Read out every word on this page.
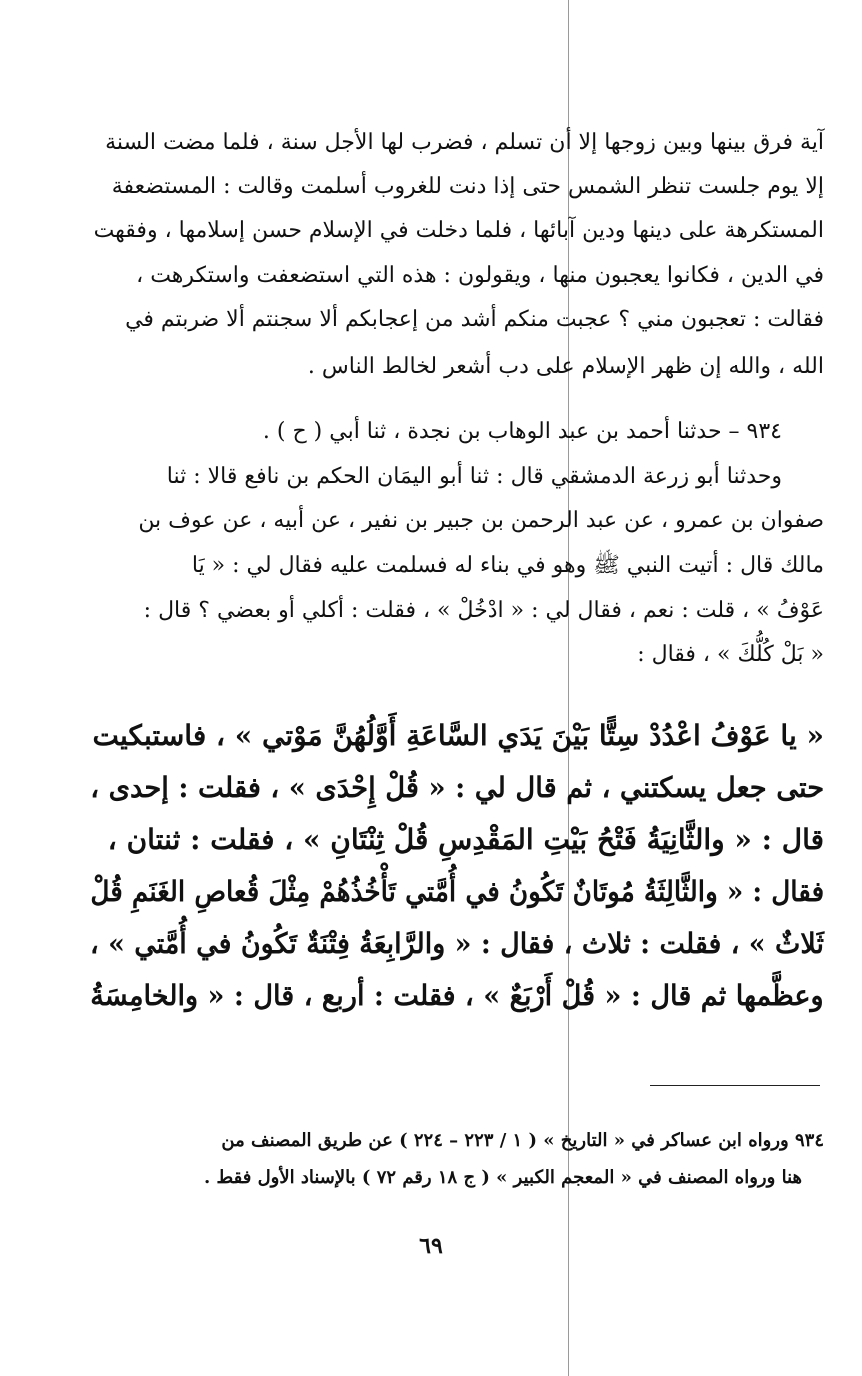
آية فرق بينها وبين زوجها إلا أن تسلم ، فضرب لها الأجل سنة ، فلما مضت السنة
إلا يوم جلست تنظر الشمس حتى إذا دنت للغروب أسلمت وقالت : المستضعفة
المستكرهة على دينها ودين آبائها ، فلما دخلت في الإسلام حسن إسلامها ، وفقهت
في الدين ، فكانوا يعجبون منها ، ويقولون : هذه التي استضعفت واستكرهت ،
فقالت : تعجبون مني ؟ عجبت منكم أشد من إعجابكم ألا سجنتم ألا ضربتم في
الله ، والله إن ظهر الإسلام على دب أشعر لخالط الناس .
٩٣٤ – حدثنا أحمد بن عبد الوهاب بن نجدة ، ثنا أبي ( ح ) .
وحدثنا أبو زرعة الدمشقي قال : ثنا أبو اليمَان الحكم بن نافع قالا : ثنا
صفوان بن عمرو ، عن عبد الرحمن بن جبير بن نفير ، عن أبيه ، عن عوف بن
مالك قال : أتيت النبي ﷺ وهو في بناء له فسلمت عليه فقال لي : « يَا
عَوْفُ » ، قلت : نعم ، فقال لي : « ادْخُلْ » ، فقلت : أكلي أو بعضي ؟ قال :
« بَلْ كُلُّكَ » ، فقال :
« يا عَوْفُ اعْدُدْ سِتًّا بَيْنَ يَدَي السَّاعَةِ أَوَّلُهُنَّ مَوْتي » ، فاستبكيت
حتى جعل يسكتني ، ثم قال لي : « قُلْ إِحْدَى » ، فقلت : إحدى ،
قال : « والثَّانِيَةُ فَتْحُ بَيْتِ المَقْدِسِ قُلْ ثِنْتَانِ » ، فقلت : ثنتان ،
فقال : « والثَّالِثَةُ مُوتَانٌ تَكُونُ في أُمَّتي تَأْخُذُهُمْ مِثْلَ قُعاصِ الغَنَمِ قُلْ
ثَلاثٌ » ، فقلت : ثلاث ، فقال : « والرَّابِعَةُ فِتْنَةٌ تَكُونُ في أُمَّتي » ،
وعظَّمها ثم قال : « قُلْ أَرْبَعٌ » ، فقلت : أربع ، قال : « والخامِسَةُ
٩٣٤ ورواه ابن عساكر في « التاريخ » ( ١ / ٢٢٣ – ٢٢٤ ) عن طريق المصنف من
هنا ورواه المصنف في « المعجم الكبير » ( ج ١٨ رقم ٧٢ ) بالإسناد الأول فقط .
٦٩
